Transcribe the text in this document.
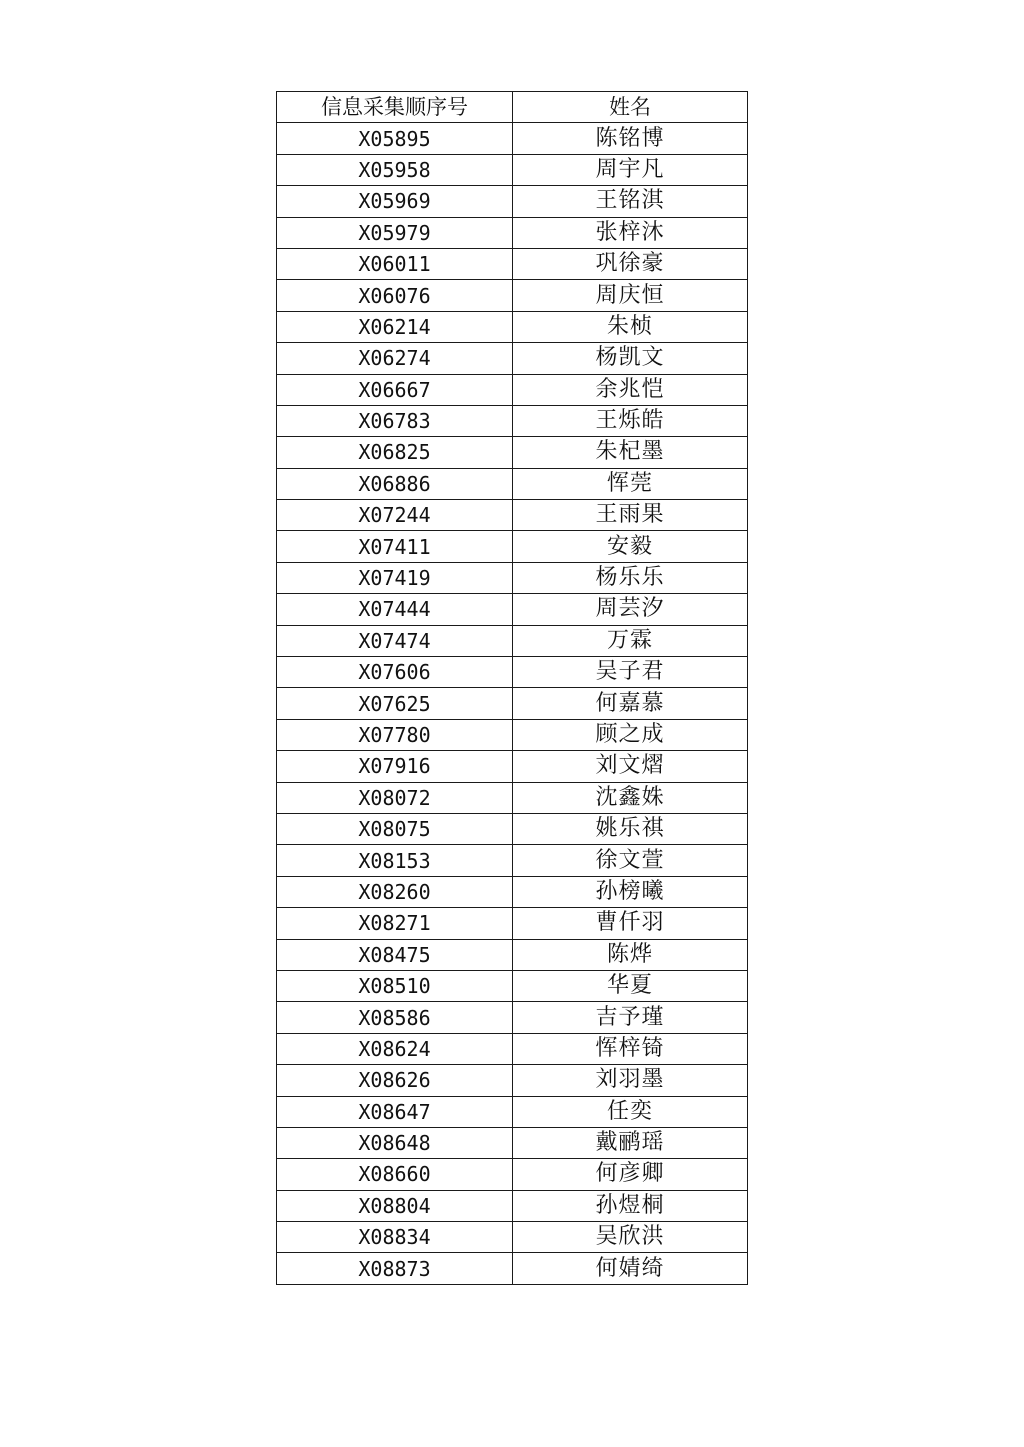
信息采集顺序号	姓名
X05895	陈铭博
X05958	周宇凡
X05969	王铭淇
X05979	张梓沐
X06011	巩徐豪
X06076	周庆恒
X06214	朱桢
X06274	杨凯文
X06667	余兆恺
X06783	王烁皓
X06825	朱杞墨
X06886	恽莞
X07244	王雨果
X07411	安毅
X07419	杨乐乐
X07444	周芸汐
X07474	万霖
X07606	吴子君
X07625	何嘉慕
X07780	顾之成
X07916	刘文熠
X08072	沈鑫姝
X08075	姚乐祺
X08153	徐文萱
X08260	孙榜曦
X08271	曹仟羽
X08475	陈烨
X08510	华夏
X08586	吉予瑾
X08624	恽梓锜
X08626	刘羽墨
X08647	任奕
X08648	戴鹂瑶
X08660	何彦卿
X08804	孙煜桐
X08834	吴欣洪
X08873	何婧绮
